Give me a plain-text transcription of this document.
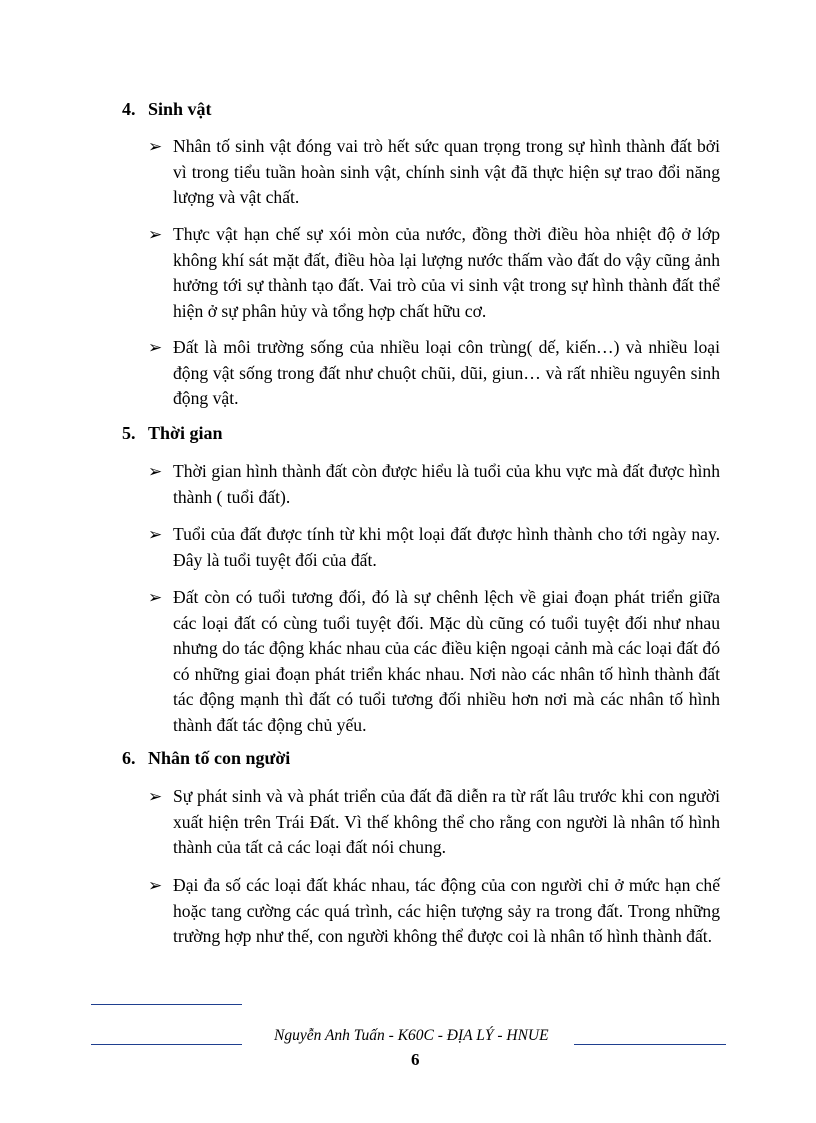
4. Sinh vật

➢ Nhân tố sinh vật đóng vai trò hết sức quan trọng trong sự hình thành đất bởi vì trong tiểu tuần hoàn sinh vật, chính sinh vật đã thực hiện sự trao đổi năng lượng và vật chất.
➢ Thực vật hạn chế sự xói mòn của nước, đồng thời điều hòa nhiệt độ ở lớp không khí sát mặt đất, điều hòa lại lượng nước thấm vào đất do vậy cũng ảnh hưởng tới sự thành tạo đất. Vai trò của vi sinh vật trong sự hình thành đất thể hiện ở sự phân hủy và tổng hợp chất hữu cơ.
➢ Đất là môi trường sống của nhiều loại côn trùng( dế, kiến…) và nhiều loại động vật sống trong đất như chuột chũi, dũi, giun… và rất nhiều nguyên sinh động vật.

5. Thời gian

➢ Thời gian hình thành đất còn được hiểu là tuổi của khu vực mà đất được hình thành ( tuổi đất).
➢ Tuổi của đất được tính từ khi một loại đất được hình thành cho tới ngày nay. Đây là tuổi tuyệt đối của đất.
➢ Đất còn có tuổi tương đối, đó là sự chênh lệch về giai đoạn phát triển giữa các loại đất có cùng tuổi tuyệt đối. Mặc dù cũng có tuổi tuyệt đối như nhau nhưng do tác động khác nhau của các điều kiện ngoại cảnh mà các loại đất đó có những giai đoạn phát triển khác nhau. Nơi nào các nhân tố hình thành đất tác động mạnh thì đất có tuổi tương đối nhiều hơn nơi mà các nhân tố hình thành đất tác động chủ yếu.

6. Nhân tố con người

➢ Sự phát sinh và và phát triển của đất đã diễn ra từ rất lâu trước khi con người xuất hiện trên Trái Đất. Vì thế không thể cho rằng con người là nhân tố hình thành của tất cả các loại đất nói chung.
➢ Đại đa số các loại đất khác nhau, tác động của con người chỉ ở mức hạn chế hoặc tang cường các quá trình, các hiện tượng sảy ra trong đất. Trong những trường hợp như thế, con người không thể được coi là nhân tố hình thành đất.
Nguyễn Anh Tuấn - K60C - ĐỊA LÝ - HNUE
6
